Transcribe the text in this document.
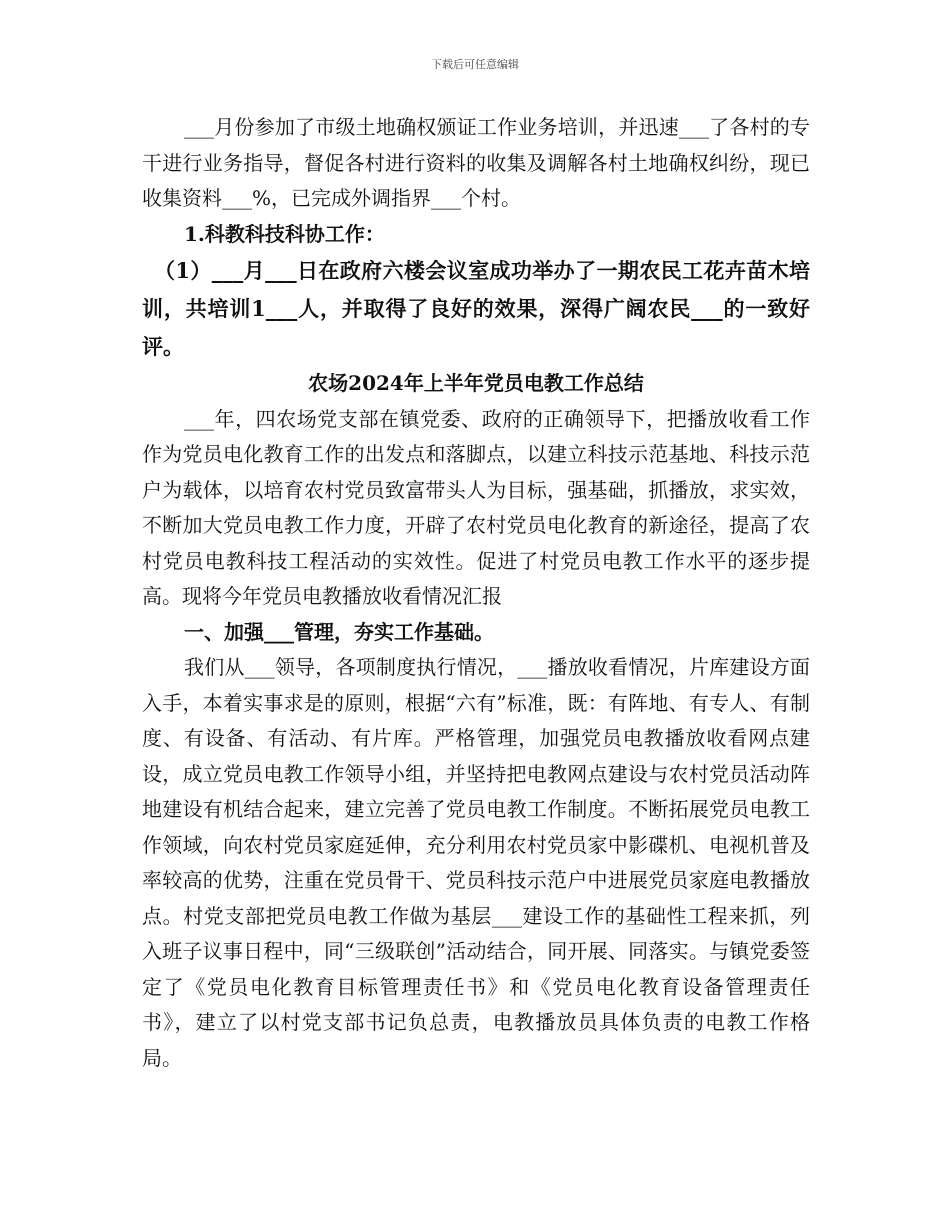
下载后可任意编辑

___月份参加了市级土地确权颁证工作业务培训，并迅速___了各村的专干进行业务指导，督促各村进行资料的收集及调解各村土地确权纠纷，现已收集资料___%，已完成外调指界___个村。

1.科教科技科协工作：

（1）___月___日在政府六楼会议室成功举办了一期农民工花卉苗木培训，共培训1___人，并取得了良好的效果，深得广阔农民___的一致好评。

农场2024年上半年党员电教工作总结

___年，四农场党支部在镇党委、政府的正确领导下，把播放收看工作作为党员电化教育工作的出发点和落脚点，以建立科技示范基地、科技示范户为载体，以培育农村党员致富带头人为目标，强基础，抓播放，求实效，不断加大党员电教工作力度，开辟了农村党员电化教育的新途径，提高了农村党员电教科技工程活动的实效性。促进了村党员电教工作水平的逐步提高。现将今年党员电教播放收看情况汇报

一、加强___管理，夯实工作基础。

我们从___领导，各项制度执行情况，___播放收看情况，片库建设方面入手，本着实事求是的原则，根据“六有”标准，既：有阵地、有专人、有制度、有设备、有活动、有片库。严格管理，加强党员电教播放收看网点建设，成立党员电教工作领导小组，并坚持把电教网点建设与农村党员活动阵地建设有机结合起来，建立完善了党员电教工作制度。不断拓展党员电教工作领域，向农村党员家庭延伸，充分利用农村党员家中影碟机、电视机普及率较高的优势，注重在党员骨干、党员科技示范户中进展党员家庭电教播放点。村党支部把党员电教工作做为基层___建设工作的基础性工程来抓，列入班子议事日程中，同“三级联创”活动结合，同开展、同落实。与镇党委签定了《党员电化教育目标管理责任书》和《党员电化教育设备管理责任书》，建立了以村党支部书记负总责，电教播放员具体负责的电教工作格局。
